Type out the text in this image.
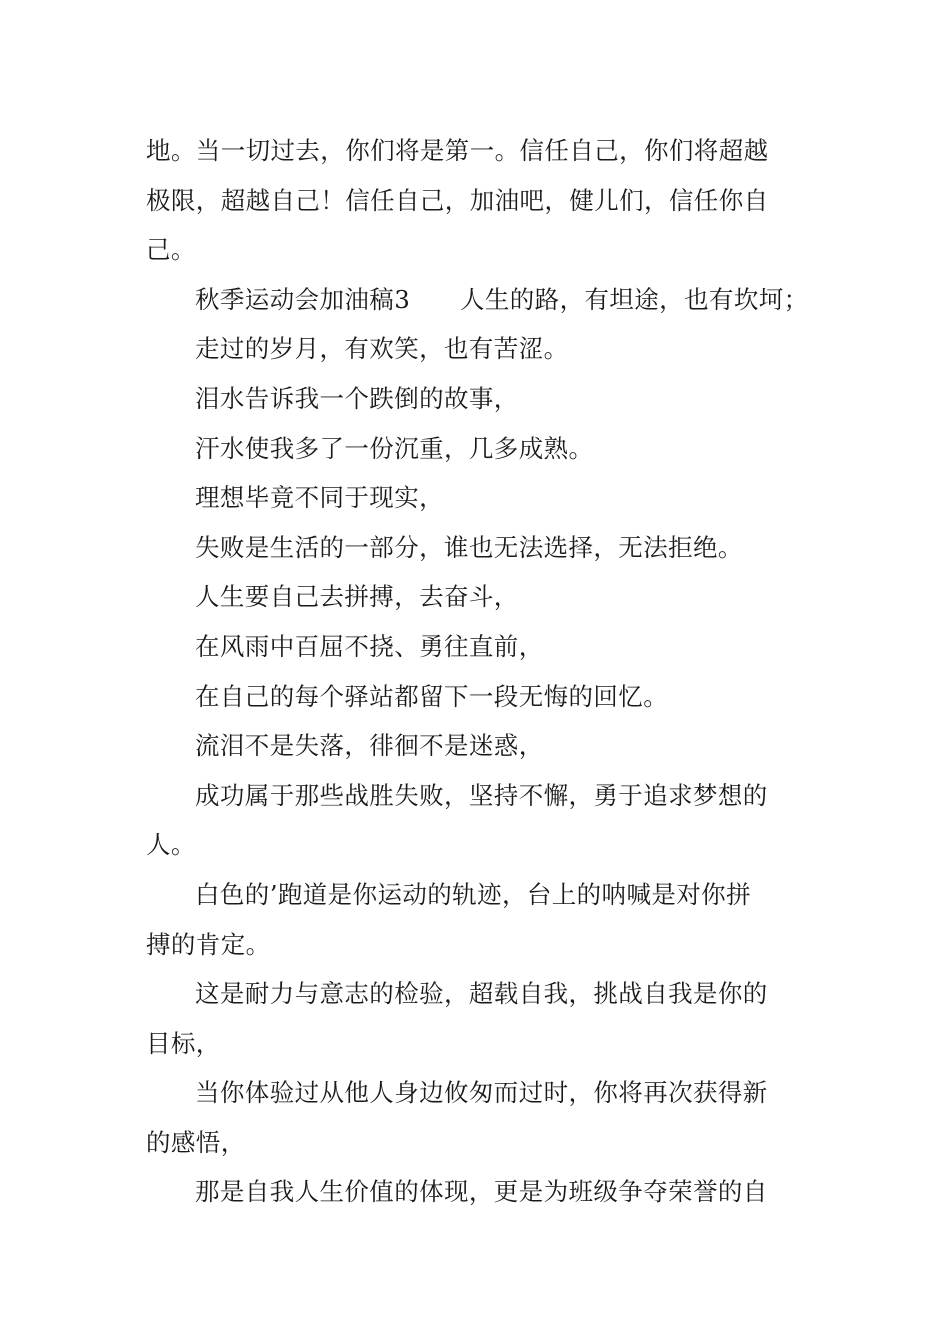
地。当一切过去，你们将是第一。信任自己，你们将超越
极限，超越自己！信任自己，加油吧，健儿们，信任你自
己。
秋季运动会加油稿3　　人生的路，有坦途，也有坎坷；
走过的岁月，有欢笑，也有苦涩。
泪水告诉我一个跌倒的故事，
汗水使我多了一份沉重，几多成熟。
理想毕竟不同于现实，
失败是生活的一部分，谁也无法选择，无法拒绝。
人生要自己去拼搏，去奋斗，
在风雨中百屈不挠、勇往直前，
在自己的每个驿站都留下一段无悔的回忆。
流泪不是失落，徘徊不是迷惑，
成功属于那些战胜失败，坚持不懈，勇于追求梦想的
人。
白色的’跑道是你运动的轨迹，台上的呐喊是对你拼
搏的肯定。
这是耐力与意志的检验，超载自我，挑战自我是你的
目标，
当你体验过从他人身边攸匆而过时，你将再次获得新
的感悟，
那是自我人生价值的体现，更是为班级争夺荣誉的自
